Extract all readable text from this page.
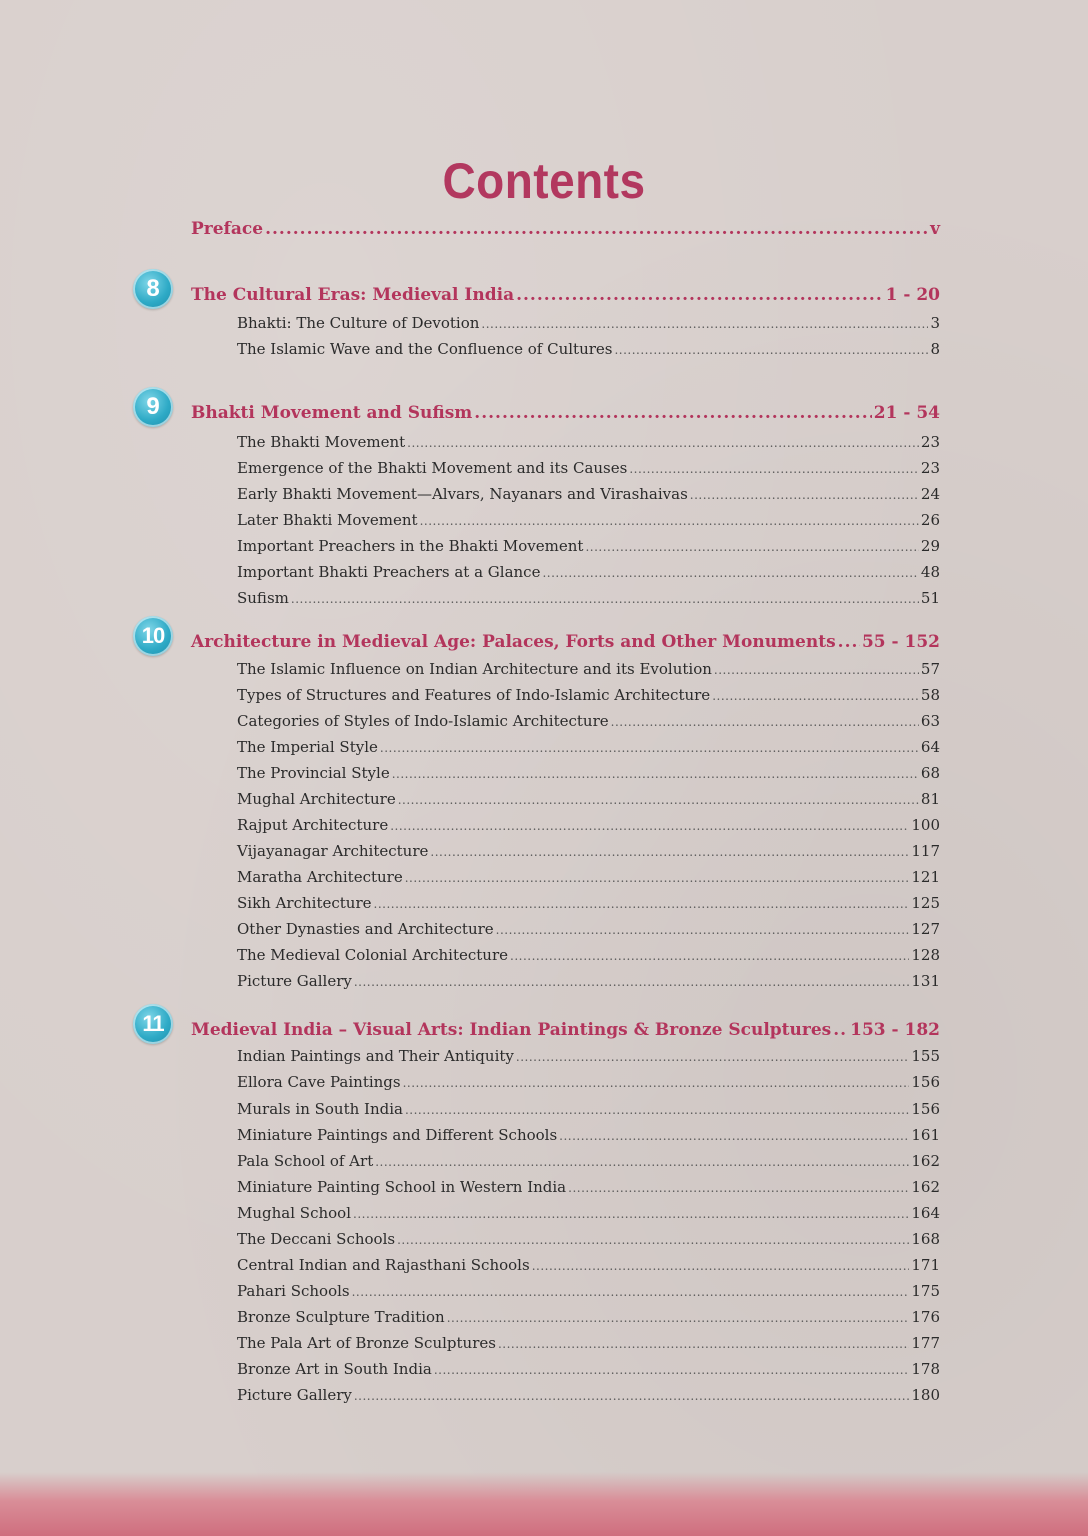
Contents
Preface .....	v
8	The Cultural Eras: Medieval India .....	1 - 20
Bhakti: The Culture of Devotion .....	3
The Islamic Wave and the Confluence of Cultures .....	8
9	Bhakti Movement and Sufism .....	21 - 54
The Bhakti Movement .....	23
Emergence of the Bhakti Movement and its Causes .....	23
Early Bhakti Movement—Alvars, Nayanars and Virashaivas .....	24
Later Bhakti Movement .....	26
Important Preachers in the Bhakti Movement .....	29
Important Bhakti Preachers at a Glance .....	48
Sufism .....	51
10	Architecture in Medieval Age: Palaces, Forts and Other Monuments ..... 55 - 152
The Islamic Influence on Indian Architecture and its Evolution .....	57
Types of Structures and Features of Indo-Islamic Architecture .....	58
Categories of Styles of Indo-Islamic Architecture .....	63
The Imperial Style .....	64
The Provincial Style .....	68
Mughal Architecture .....	81
Rajput Architecture .....	100
Vijayanagar Architecture .....	117
Maratha Architecture .....	121
Sikh Architecture .....	125
Other Dynasties and Architecture .....	127
The Medieval Colonial Architecture .....	128
Picture Gallery .....	131
11	Medieval India – Visual Arts: Indian Paintings & Bronze Sculptures ..... 153 - 182
Indian Paintings and Their Antiquity .....	155
Ellora Cave Paintings .....	156
Murals in South India .....	156
Miniature Paintings and Different Schools .....	161
Pala School of Art .....	162
Miniature Painting School in Western India .....	162
Mughal School .....	164
The Deccani Schools .....	168
Central Indian and Rajasthani Schools .....	171
Pahari Schools .....	175
Bronze Sculpture Tradition .....	176
The Pala Art of Bronze Sculptures .....	177
Bronze Art in South India .....	178
Picture Gallery .....	180
